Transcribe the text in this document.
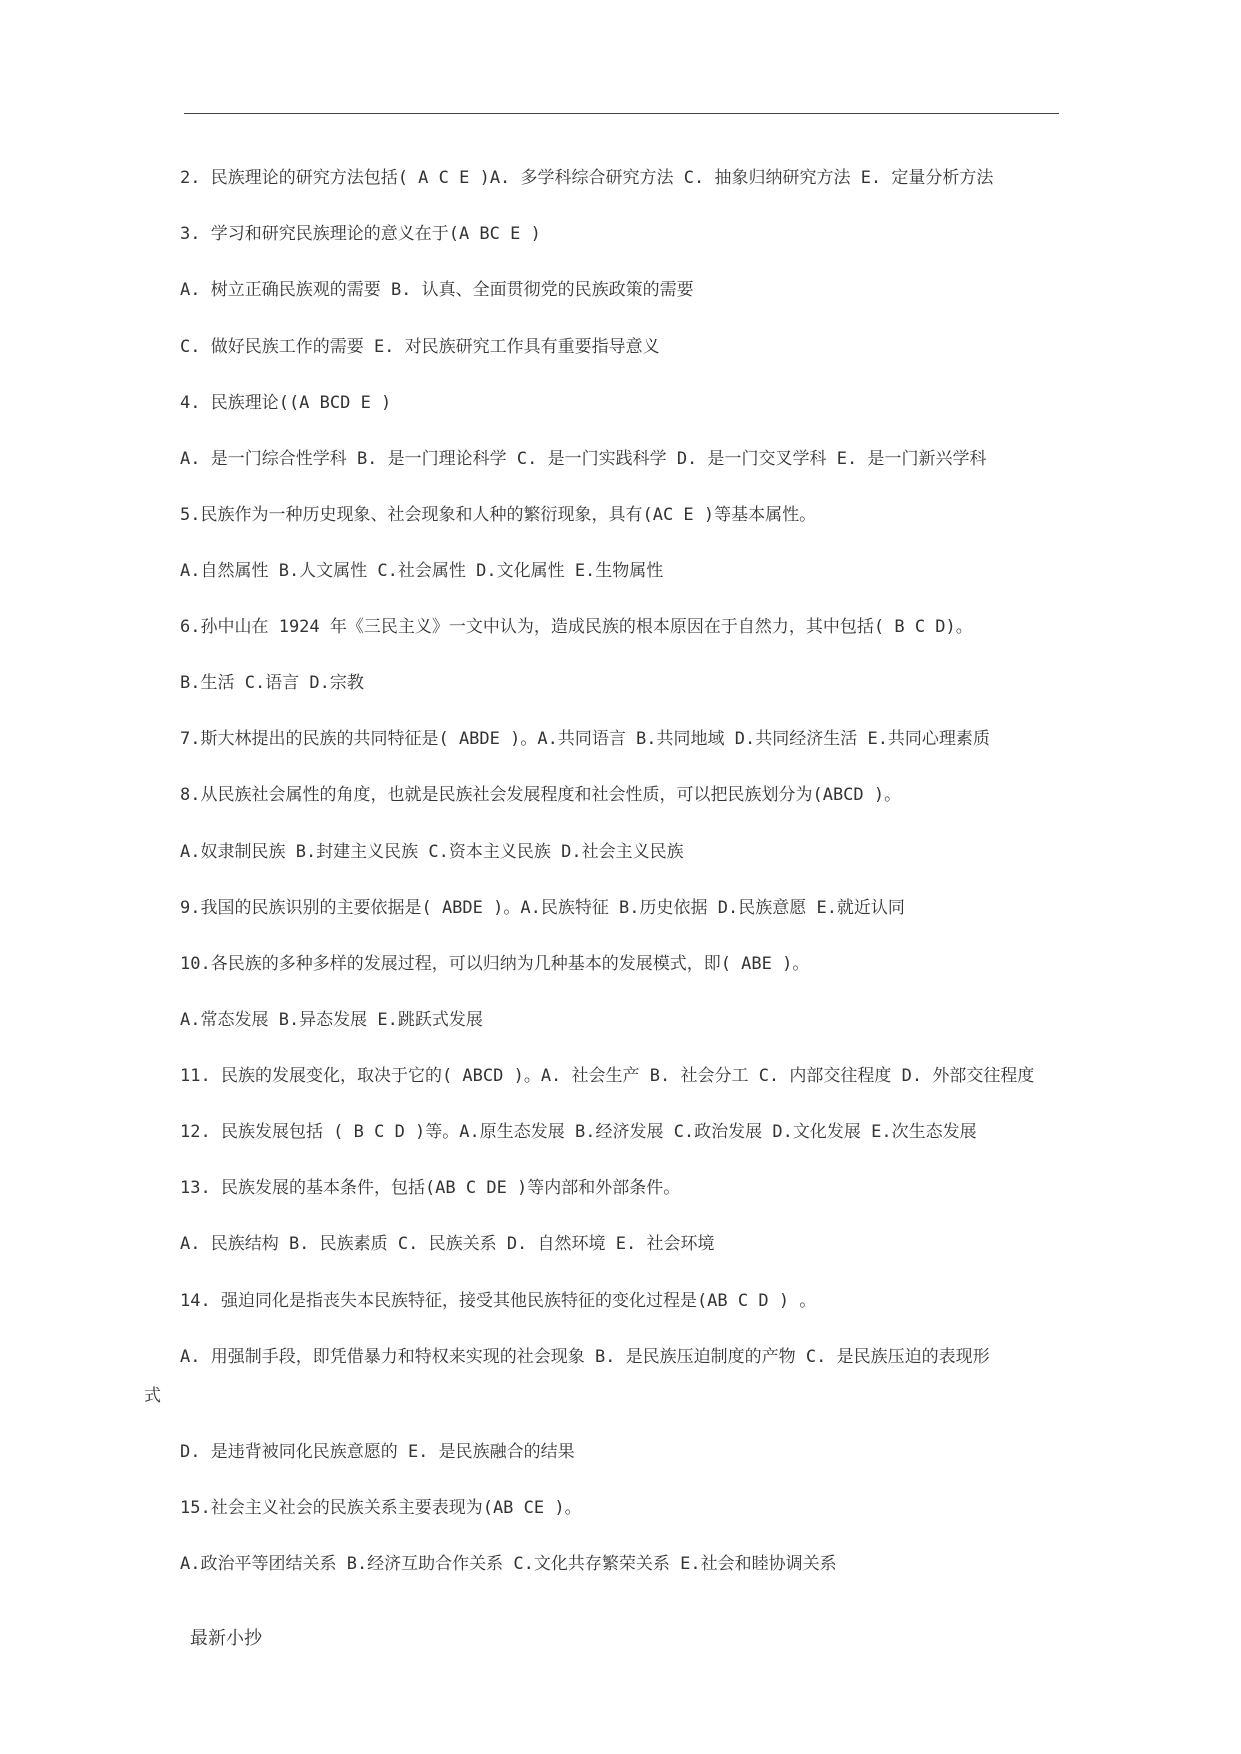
2. 民族理论的研究方法包括( A C E )A. 多学科综合研究方法 C. 抽象归纳研究方法 E. 定量分析方法
3. 学习和研究民族理论的意义在于(A BC E )
A. 树立正确民族观的需要 B. 认真、全面贯彻党的民族政策的需要
C. 做好民族工作的需要 E. 对民族研究工作具有重要指导意义
4. 民族理论((A BCD E )
A. 是一门综合性学科 B. 是一门理论科学 C. 是一门实践科学 D. 是一门交叉学科 E. 是一门新兴学科
5.民族作为一种历史现象、社会现象和人种的繁衍现象，具有(AC E )等基本属性。
A.自然属性 B.人文属性 C.社会属性 D.文化属性 E.生物属性
6.孙中山在 1924 年《三民主义》一文中认为，造成民族的根本原因在于自然力，其中包括( B C D)。
B.生活 C.语言 D.宗教
7.斯大林提出的民族的共同特征是( ABDE )。A.共同语言 B.共同地域 D.共同经济生活 E.共同心理素质
8.从民族社会属性的角度，也就是民族社会发展程度和社会性质，可以把民族划分为(ABCD )。
A.奴隶制民族 B.封建主义民族 C.资本主义民族 D.社会主义民族
9.我国的民族识别的主要依据是( ABDE )。A.民族特征 B.历史依据 D.民族意愿 E.就近认同
10.各民族的多种多样的发展过程，可以归纳为几种基本的发展模式，即( ABE )。
A.常态发展 B.异态发展 E.跳跃式发展
11. 民族的发展变化，取决于它的( ABCD )。A. 社会生产 B. 社会分工 C. 内部交往程度 D. 外部交往程度
12. 民族发展包括 ( B C D )等。A.原生态发展 B.经济发展 C.政治发展 D.文化发展 E.次生态发展
13. 民族发展的基本条件，包括(AB C DE )等内部和外部条件。
A. 民族结构 B. 民族素质 C. 民族关系 D. 自然环境 E. 社会环境
14. 强迫同化是指丧失本民族特征，接受其他民族特征的变化过程是(AB C D ) 。
A. 用强制手段，即凭借暴力和特权来实现的社会现象 B. 是民族压迫制度的产物 C. 是民族压迫的表现形
式
D. 是违背被同化民族意愿的 E. 是民族融合的结果
15.社会主义社会的民族关系主要表现为(AB CE )。
A.政治平等团结关系 B.经济互助合作关系 C.文化共存繁荣关系 E.社会和睦协调关系
最新小抄
